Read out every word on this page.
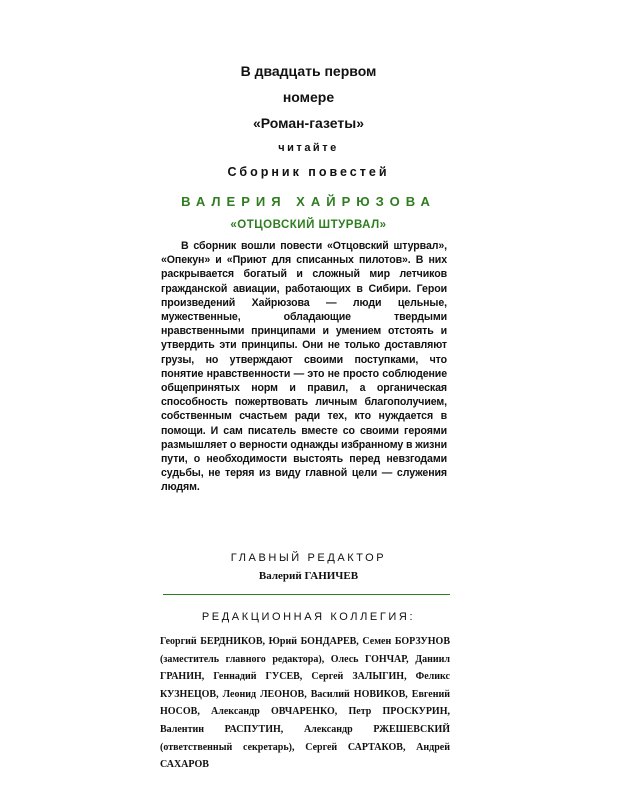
В двадцать первом

номере

«Роман-газеты»

читайте

Сборник повестей

ВАЛЕРИЯ ХАЙРЮЗОВА

«ОТЦОВСКИЙ ШТУРВАЛ»

В сборник вошли повести «Отцовский штурвал», «Опекун» и «Приют для списанных пилотов». В них раскрывается богатый и сложный мир летчиков гражданской авиации, работающих в Сибири. Герои произведений Хайрюзова — люди цельные, мужественные, обладающие твердыми нравственными принципами и умением отстоять и утвердить эти принципы. Они не только доставляют грузы, но утверждают своими поступками, что понятие нравственности — это не просто соблюдение общепринятых норм и правил, а органическая способность пожертвовать личным благополучием, собственным счастьем ради тех, кто нуждается в помощи. И сам писатель вместе со своими героями размышляет о верности однажды избранному в жизни пути, о необходимости выстоять перед невзгодами судьбы, не теряя из виду главной цели — служения людям.

ГЛАВНЫЙ РЕДАКТОР

Валерий ГАНИЧЕВ

РЕДАКЦИОННАЯ КОЛЛЕГИЯ:

Георгий БЕРДНИКОВ, Юрий БОНДАРЕВ, Семен БОРЗУНОВ (заместитель главного редактора), Олесь ГОНЧАР, Даниил ГРАНИН, Геннадий ГУСЕВ, Сергей ЗАЛЫГИН, Феликс КУЗНЕЦОВ, Леонид ЛЕОНОВ, Василий НОВИКОВ, Евгений НОСОВ, Александр ОВЧАРЕНКО, Петр ПРОСКУРИН, Валентин РАСПУТИН, Александр РЖЕШЕВСКИЙ (ответственный секретарь), Сергей САРТАКОВ, Андрей САХАРОВ
